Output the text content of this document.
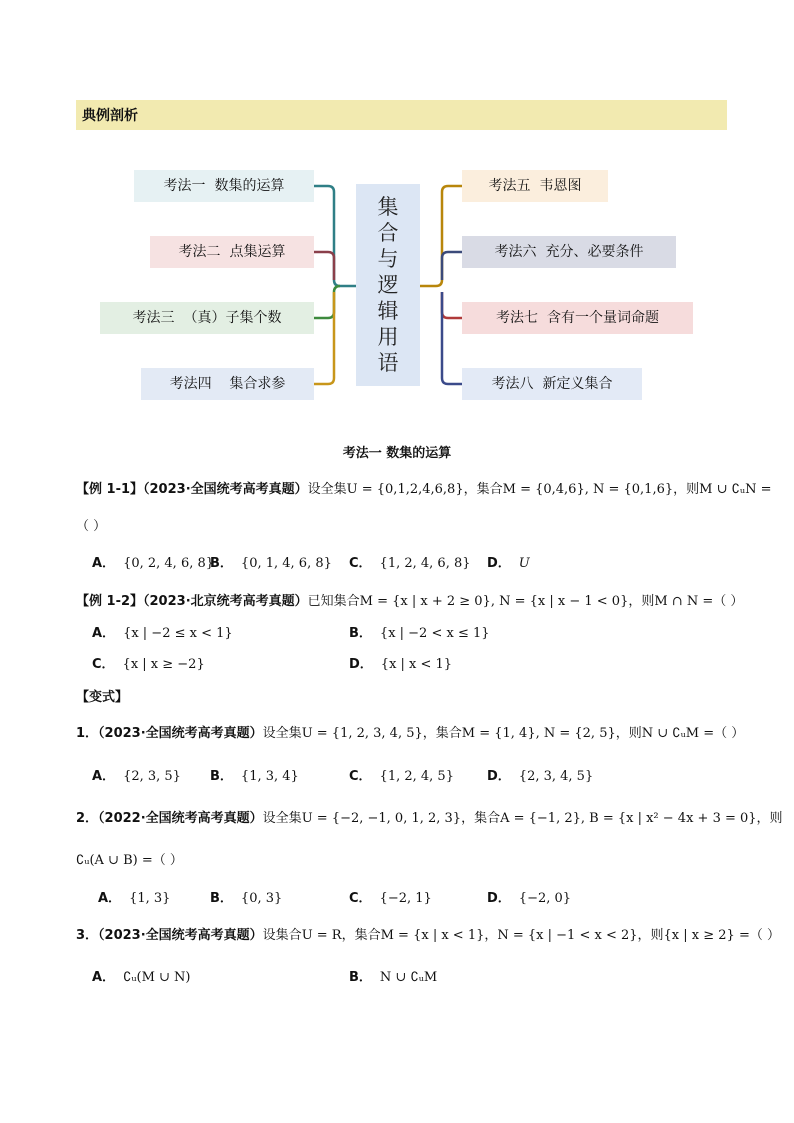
典例剖析
考法一  数集的运算
考法二  点集运算
考法三  （真）子集个数
考法四    集合求参
集
合
与
逻
辑
用
语
考法五  韦恩图
考法六  充分、必要条件
考法七  含有一个量词命题
考法八  新定义集合
考法一 数集的运算
【例 1-1】（2023·全国统考高考真题）设全集U = {0,1,2,4,6,8}，集合M = {0,4,6}, N = {0,1,6}，则M ∪ ∁ᵤN =
（ ）
A． {0, 2, 4, 6, 8}
B． {0, 1, 4, 6, 8} C． {1, 2, 4, 6, 8} D． U
【例 1-2】（2023·北京统考高考真题）已知集合M = {x | x + 2 ≥ 0}, N = {x | x − 1 < 0}，则M ∩ N =（ ）
A． {x | −2 ≤ x < 1}	B． {x | −2 < x ≤ 1}
C． {x | x ≥ −2}	D． {x | x < 1}
【变式】
1．（2023·全国统考高考真题）设全集U = {1, 2, 3, 4, 5}，集合M = {1, 4}, N = {2, 5}，则N ∪ ∁ᵤM =（ ）
A． {2, 3, 5} B． {1, 3, 4}	C． {1, 2, 4, 5}	D． {2, 3, 4, 5}
2．（2022·全国统考高考真题）设全集U = {−2, −1, 0, 1, 2, 3}，集合A = {−1, 2}, B = {x | x² − 4x + 3 = 0}，则
∁ᵤ(A ∪ B) =（ ）
A． {1, 3}	B． {0, 3}	C． {−2, 1}	D． {−2, 0}
3．（2023·全国统考高考真题）设集合U = R，集合M = {x | x < 1}，N = {x | −1 < x < 2}，则{x | x ≥ 2} =（ ）
A． ∁ᵤ(M ∪ N)	B． N ∪ ∁ᵤM
